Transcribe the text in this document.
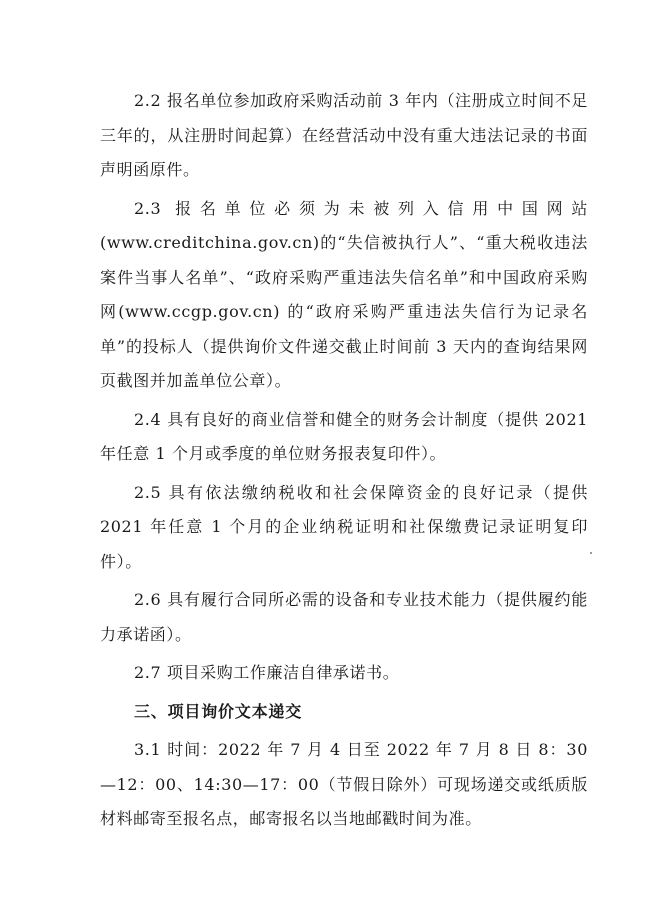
2.2 报名单位参加政府采购活动前 3 年内（注册成立时间不足三年的，从注册时间起算）在经营活动中没有重大违法记录的书面声明函原件。

2.3 报名单位必须为未被列入信用中国网站(www.creditchina.gov.cn)的“失信被执行人”、“重大税收违法案件当事人名单”、“政府采购严重违法失信名单”和中国政府采购网(www.ccgp.gov.cn) 的“政府采购严重违法失信行为记录名单”的投标人（提供询价文件递交截止时间前 3 天内的查询结果网页截图并加盖单位公章）。

2.4 具有良好的商业信誉和健全的财务会计制度（提供 2021 年任意 1 个月或季度的单位财务报表复印件）。

2.5 具有依法缴纳税收和社会保障资金的良好记录（提供 2021 年任意 1 个月的企业纳税证明和社保缴费记录证明复印件）。

2.6 具有履行合同所必需的设备和专业技术能力（提供履约能力承诺函）。

2.7 项目采购工作廉洁自律承诺书。

三、项目询价文本递交

3.1 时间：2022 年 7 月 4 日至 2022 年 7 月 8 日 8：30—12：00、14:30—17：00（节假日除外）可现场递交或纸质版材料邮寄至报名点，邮寄报名以当地邮戳时间为准。
